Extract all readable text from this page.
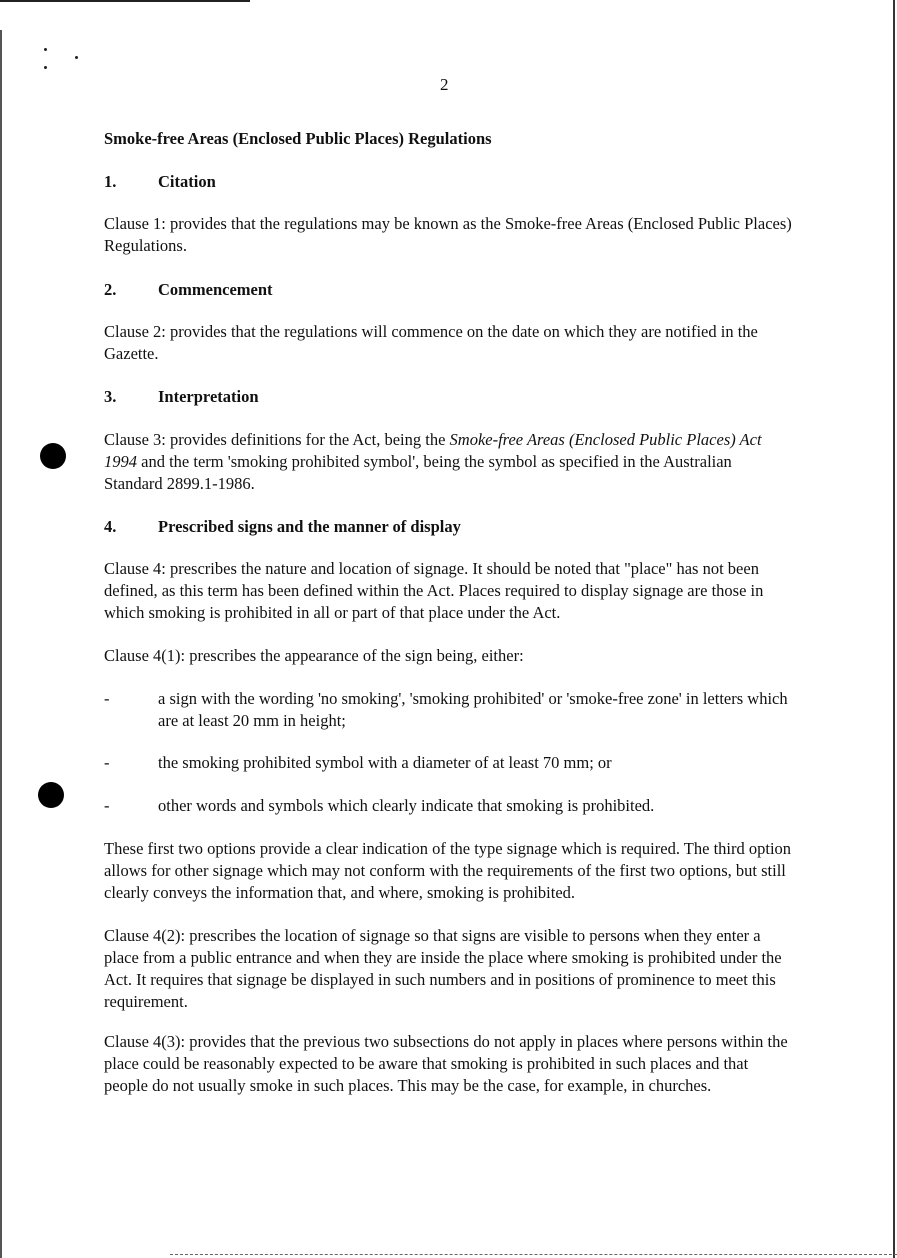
2
Smoke-free Areas (Enclosed Public Places) Regulations
1.	Citation
Clause 1: provides that the regulations may be known as the Smoke-free Areas (Enclosed Public Places) Regulations.
2.	Commencement
Clause 2: provides that the regulations will commence on the date on which they are notified in the Gazette.
3.	Interpretation
Clause 3: provides definitions for the Act, being the Smoke-free Areas (Enclosed Public Places) Act 1994 and the term 'smoking prohibited symbol', being the symbol as specified in the Australian Standard 2899.1-1986.
4.	Prescribed signs and the manner of display
Clause 4: prescribes the nature and location of signage. It should be noted that "place" has not been defined, as this term has been defined within the Act. Places required to display signage are those in which smoking is prohibited in all or part of that place under the Act.
Clause 4(1): prescribes the appearance of the sign being, either:
-	a sign with the wording 'no smoking', 'smoking prohibited' or 'smoke-free zone' in letters which are at least 20 mm in height;
-	the smoking prohibited symbol with a diameter of at least 70 mm; or
-	other words and symbols which clearly indicate that smoking is prohibited.
These first two options provide a clear indication of the type signage which is required. The third option allows for other signage which may not conform with the requirements of the first two options, but still clearly conveys the information that, and where, smoking is prohibited.
Clause 4(2): prescribes the location of signage so that signs are visible to persons when they enter a place from a public entrance and when they are inside the place where smoking is prohibited under the Act. It requires that signage be displayed in such numbers and in positions of prominence to meet this requirement.
Clause 4(3): provides that the previous two subsections do not apply in places where persons within the place could be reasonably expected to be aware that smoking is prohibited in such places and that people do not usually smoke in such places. This may be the case, for example, in churches.
